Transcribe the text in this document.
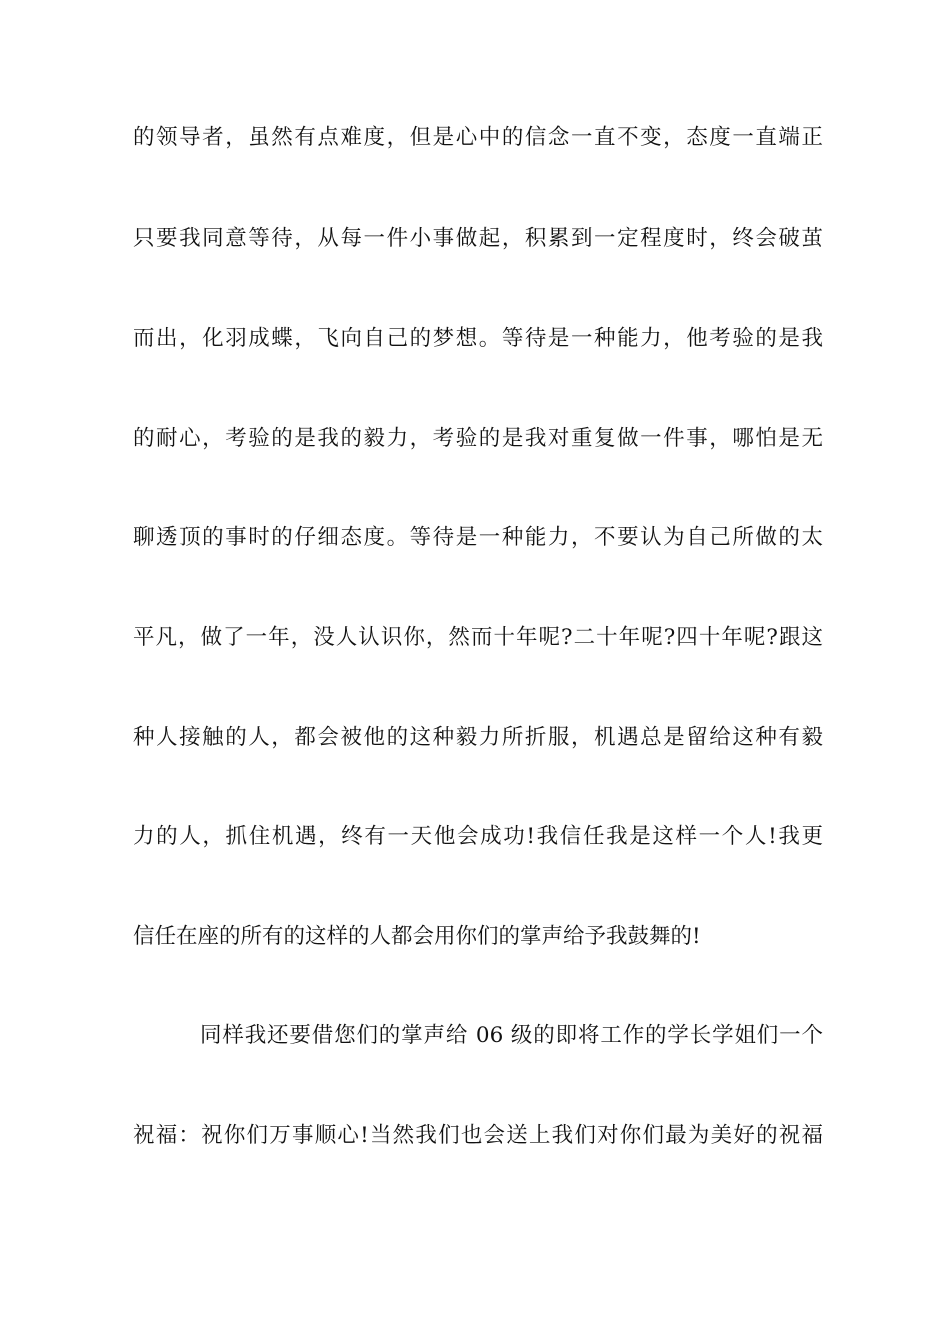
的领导者，虽然有点难度，但是心中的信念一直不变，态度一直端正
只要我同意等待，从每一件小事做起，积累到一定程度时，终会破茧
而出，化羽成蝶，飞向自己的梦想。等待是一种能力，他考验的是我
的耐心，考验的是我的毅力，考验的是我对重复做一件事，哪怕是无
聊透顶的事时的仔细态度。等待是一种能力，不要认为自己所做的太
平凡，做了一年，没人认识你，然而十年呢?二十年呢?四十年呢?跟这
种人接触的人，都会被他的这种毅力所折服，机遇总是留给这种有毅
力的人，抓住机遇，终有一天他会成功!我信任我是这样一个人!我更
信任在座的所有的这样的人都会用你们的掌声给予我鼓舞的!
同样我还要借您们的掌声给 06 级的即将工作的学长学姐们一个
祝福：祝你们万事顺心!当然我们也会送上我们对你们最为美好的祝福
